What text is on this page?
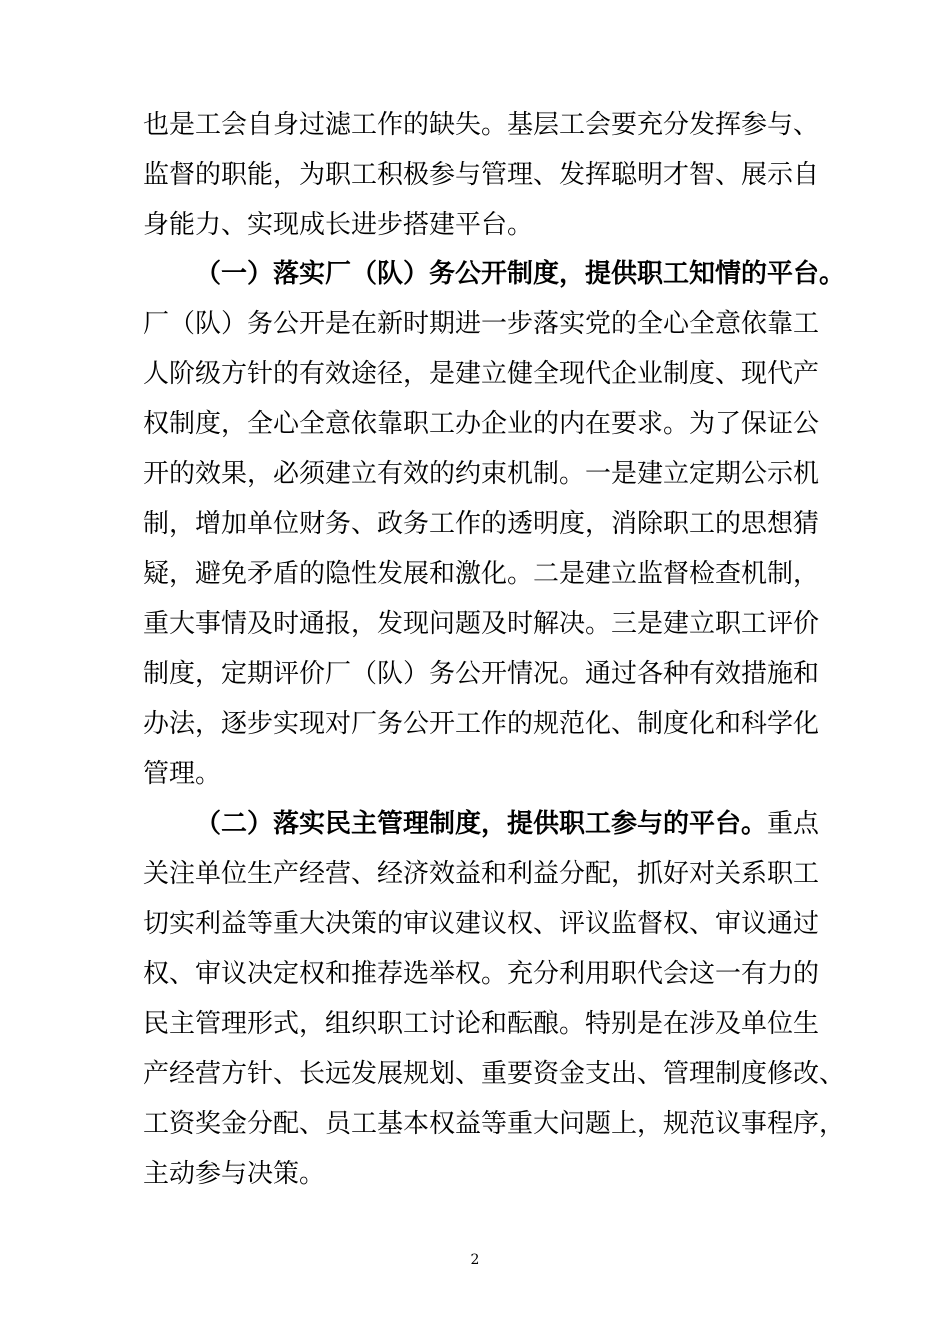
也是工会自身过滤工作的缺失。基层工会要充分发挥参与、
监督的职能，为职工积极参与管理、发挥聪明才智、展示自
身能力、实现成长进步搭建平台。
（一）落实厂（队）务公开制度，提供职工知情的平台。
厂（队）务公开是在新时期进一步落实党的全心全意依靠工
人阶级方针的有效途径，是建立健全现代企业制度、现代产
权制度，全心全意依靠职工办企业的内在要求。为了保证公
开的效果，必须建立有效的约束机制。一是建立定期公示机
制，增加单位财务、政务工作的透明度，消除职工的思想猜
疑，避免矛盾的隐性发展和激化。二是建立监督检查机制，
重大事情及时通报，发现问题及时解决。三是建立职工评价
制度，定期评价厂（队）务公开情况。通过各种有效措施和
办法，逐步实现对厂务公开工作的规范化、制度化和科学化
管理。
（二）落实民主管理制度，提供职工参与的平台。重点
关注单位生产经营、经济效益和利益分配，抓好对关系职工
切实利益等重大决策的审议建议权、评议监督权、审议通过
权、审议决定权和推荐选举权。充分利用职代会这一有力的
民主管理形式，组织职工讨论和酝酿。特别是在涉及单位生
产经营方针、长远发展规划、重要资金支出、管理制度修改、
工资奖金分配、员工基本权益等重大问题上，规范议事程序，
主动参与决策。
2
